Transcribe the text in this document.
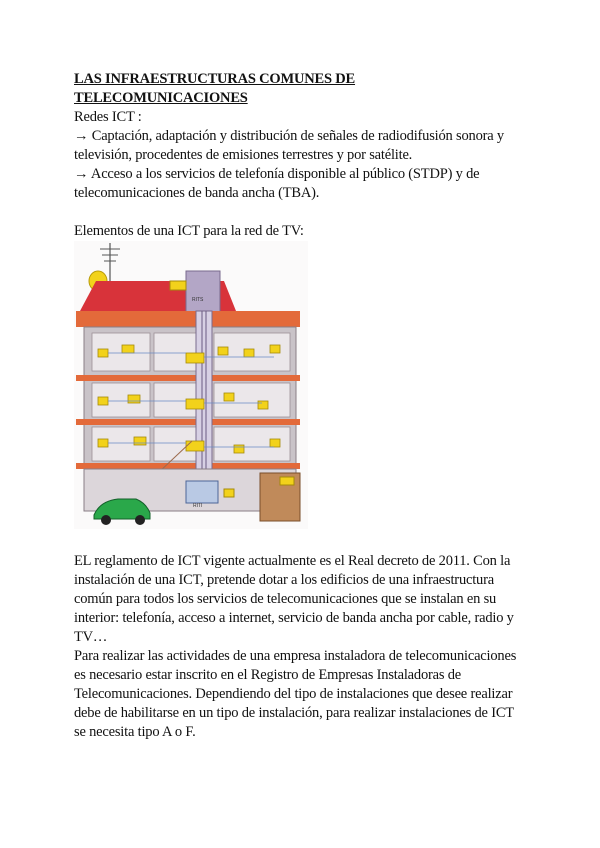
LAS INFRAESTRUCTURAS COMUNES DE

TELECOMUNICACIONES

Redes ICT :

→ Captación, adaptación y distribución de señales de radiodifusión sonora y

televisión, procedentes de emisiones terrestres y por satélite.

→ Acceso a los servicios de telefonía disponible al público (STDP) y de

telecomunicaciones de banda ancha (TBA).

Elementos de una ICT para la red de TV:

RITS
RITI

EL reglamento de ICT vigente actualmente es el Real decreto de 2011. Con la

instalación de una ICT, pretende dotar a los edificios de una infraestructura

común para todos los servicios de telecomunicaciones que se instalan en su

interior: telefonía, acceso a internet, servicio de banda ancha por cable, radio y

TV…

Para realizar las actividades de una empresa instaladora de telecomunicaciones

es necesario estar inscrito en el Registro de Empresas Instaladoras de

Telecomunicaciones. Dependiendo del tipo de instalaciones que desee realizar

debe de habilitarse en un tipo de instalación, para realizar instalaciones de ICT

se necesita tipo A o F.
